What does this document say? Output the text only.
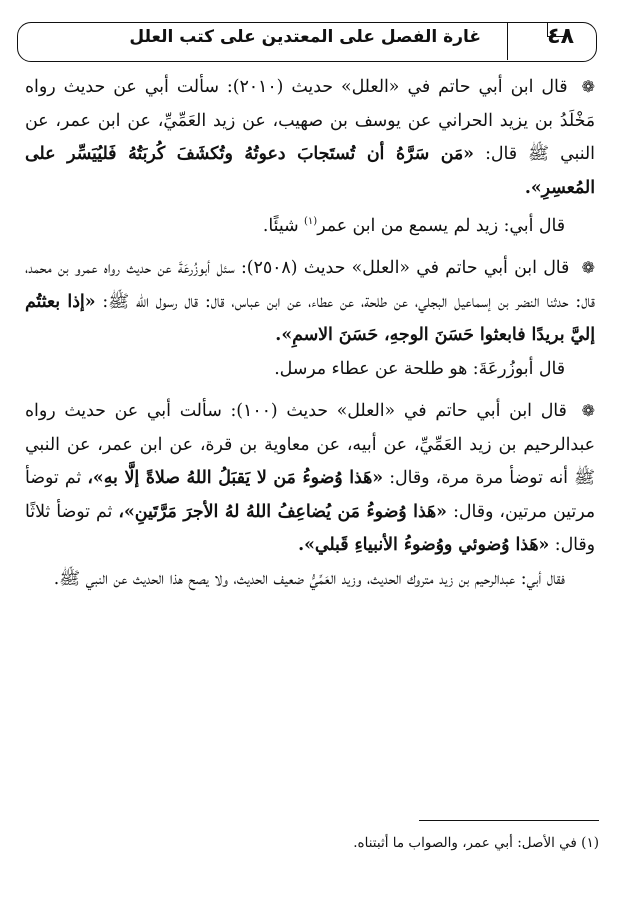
غارة الفصل على المعتدين على كتب العلل	٤٨

❁ قال ابن أبي حاتم في «العلل» حديث (٢٠١٠): سألت أبي عن حديث رواه مَخْلَدُ بن يزيد الحراني عن يوسف بن صهيب، عن زيد العَمِّيِّ، عن ابن عمر، عن النبي ﷺ قال: «مَن سَرَّهُ أن تُستَجابَ دعوتُهُ وتُكشَفَ كُربَتُهُ فَليُيَسِّر على المُعسِرِ».

قال أبي: زيد لم يسمع من ابن عمر$^{(١)}$ شيئًا.

❁ قال ابن أبي حاتم في «العلل» حديث (٢٥٠٨): سئل أبوزُرعَةَ عن حديث رواه عمرو بن محمد، قال: حدثنا النضر بن إسماعيل البجلي، عن طلحة، عن عطاء، عن ابن عباس، قال: قال رسول الله ﷺ: «إذا بعثتُم إليَّ بريدًا فابعثوا حَسَنَ الوجهِ، حَسَنَ الاسمِ».

قال أبوزُرعَةَ: هو طلحة عن عطاء مرسل.

❁ قال ابن أبي حاتم في «العلل» حديث (١٠٠): سألت أبي عن حديث رواه عبدالرحيم بن زيد العَمِّيِّ، عن أبيه، عن معاوية بن قرة، عن ابن عمر، عن النبي ﷺ أنه توضأ مرة مرة، وقال: «هَذا وُضوءُ مَن لا يَقبَلُ اللهُ صلاةً إلَّا بهِ»، ثم توضأ مرتين مرتين، وقال: «هَذا وُضوءُ مَن يُضاعِفُ اللهُ لهُ الأجرَ مَرَّتَينِ»، ثم توضأ ثلاثًا وقال: «هَذا وُضوئي ووُضوءُ الأنبياءِ قَبلي».

فقال أبي: عبدالرحيم بن زيد متروك الحديث، وزيد العَمِّيُّ ضعيف الحديث، ولا يصح هذا الحديث عن النبي ﷺ.

(١) في الأصل: أبي عمر، والصواب ما أثبتناه.
